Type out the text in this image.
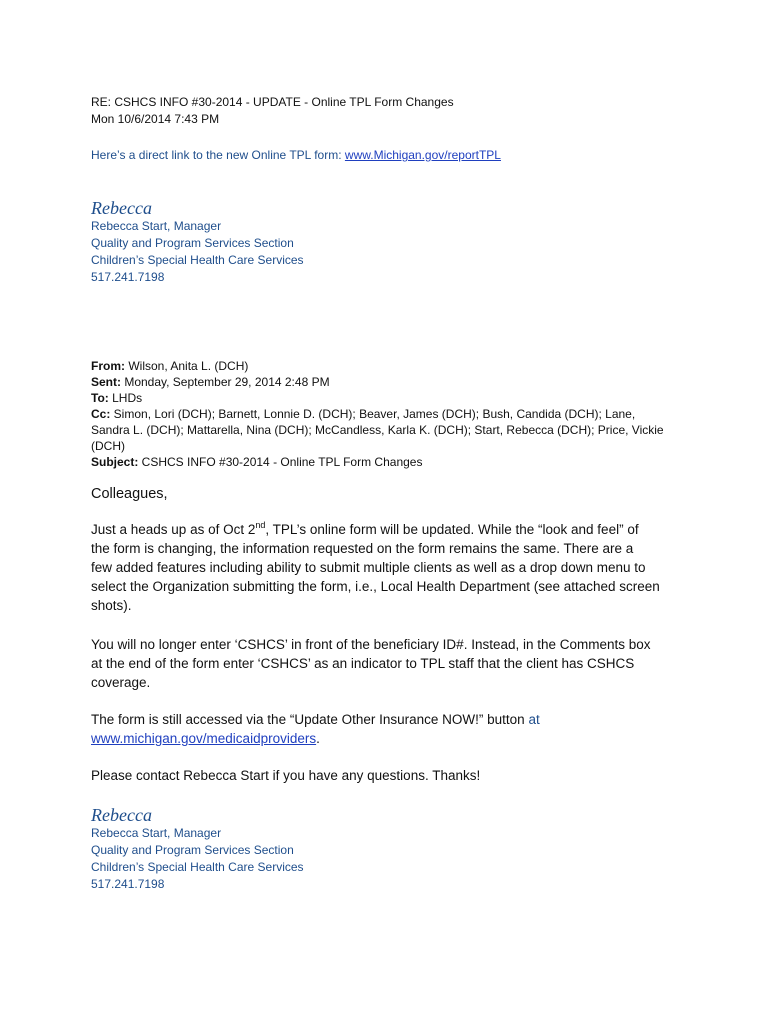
RE: CSHCS INFO #30-2014 - UPDATE - Online TPL Form Changes
Mon 10/6/2014 7:43 PM
Here’s a direct link to the new Online TPL form: www.Michigan.gov/reportTPL
Rebecca
Rebecca Start, Manager
Quality and Program Services Section
Children’s Special Health Care Services
517.241.7198
From: Wilson, Anita L. (DCH)
Sent: Monday, September 29, 2014 2:48 PM
To: LHDs
Cc: Simon, Lori (DCH); Barnett, Lonnie D. (DCH); Beaver, James (DCH); Bush, Candida (DCH); Lane,
Sandra L. (DCH); Mattarella, Nina (DCH); McCandless, Karla K. (DCH); Start, Rebecca (DCH); Price, Vickie
(DCH)
Subject: CSHCS INFO #30-2014 - Online TPL Form Changes
Colleagues,
Just a heads up as of Oct 2nd, TPL’s online form will be updated. While the “look and feel” of
the form is changing, the information requested on the form remains the same. There are a
few added features including ability to submit multiple clients as well as a drop down menu to
select the Organization submitting the form, i.e., Local Health Department (see attached screen
shots).
You will no longer enter ‘CSHCS’ in front of the beneficiary ID#. Instead, in the Comments box
at the end of the form enter ‘CSHCS’ as an indicator to TPL staff that the client has CSHCS
coverage.
The form is still accessed via the “Update Other Insurance NOW!” button at
www.michigan.gov/medicaidproviders.
Please contact Rebecca Start if you have any questions. Thanks!
Rebecca
Rebecca Start, Manager
Quality and Program Services Section
Children’s Special Health Care Services
517.241.7198
